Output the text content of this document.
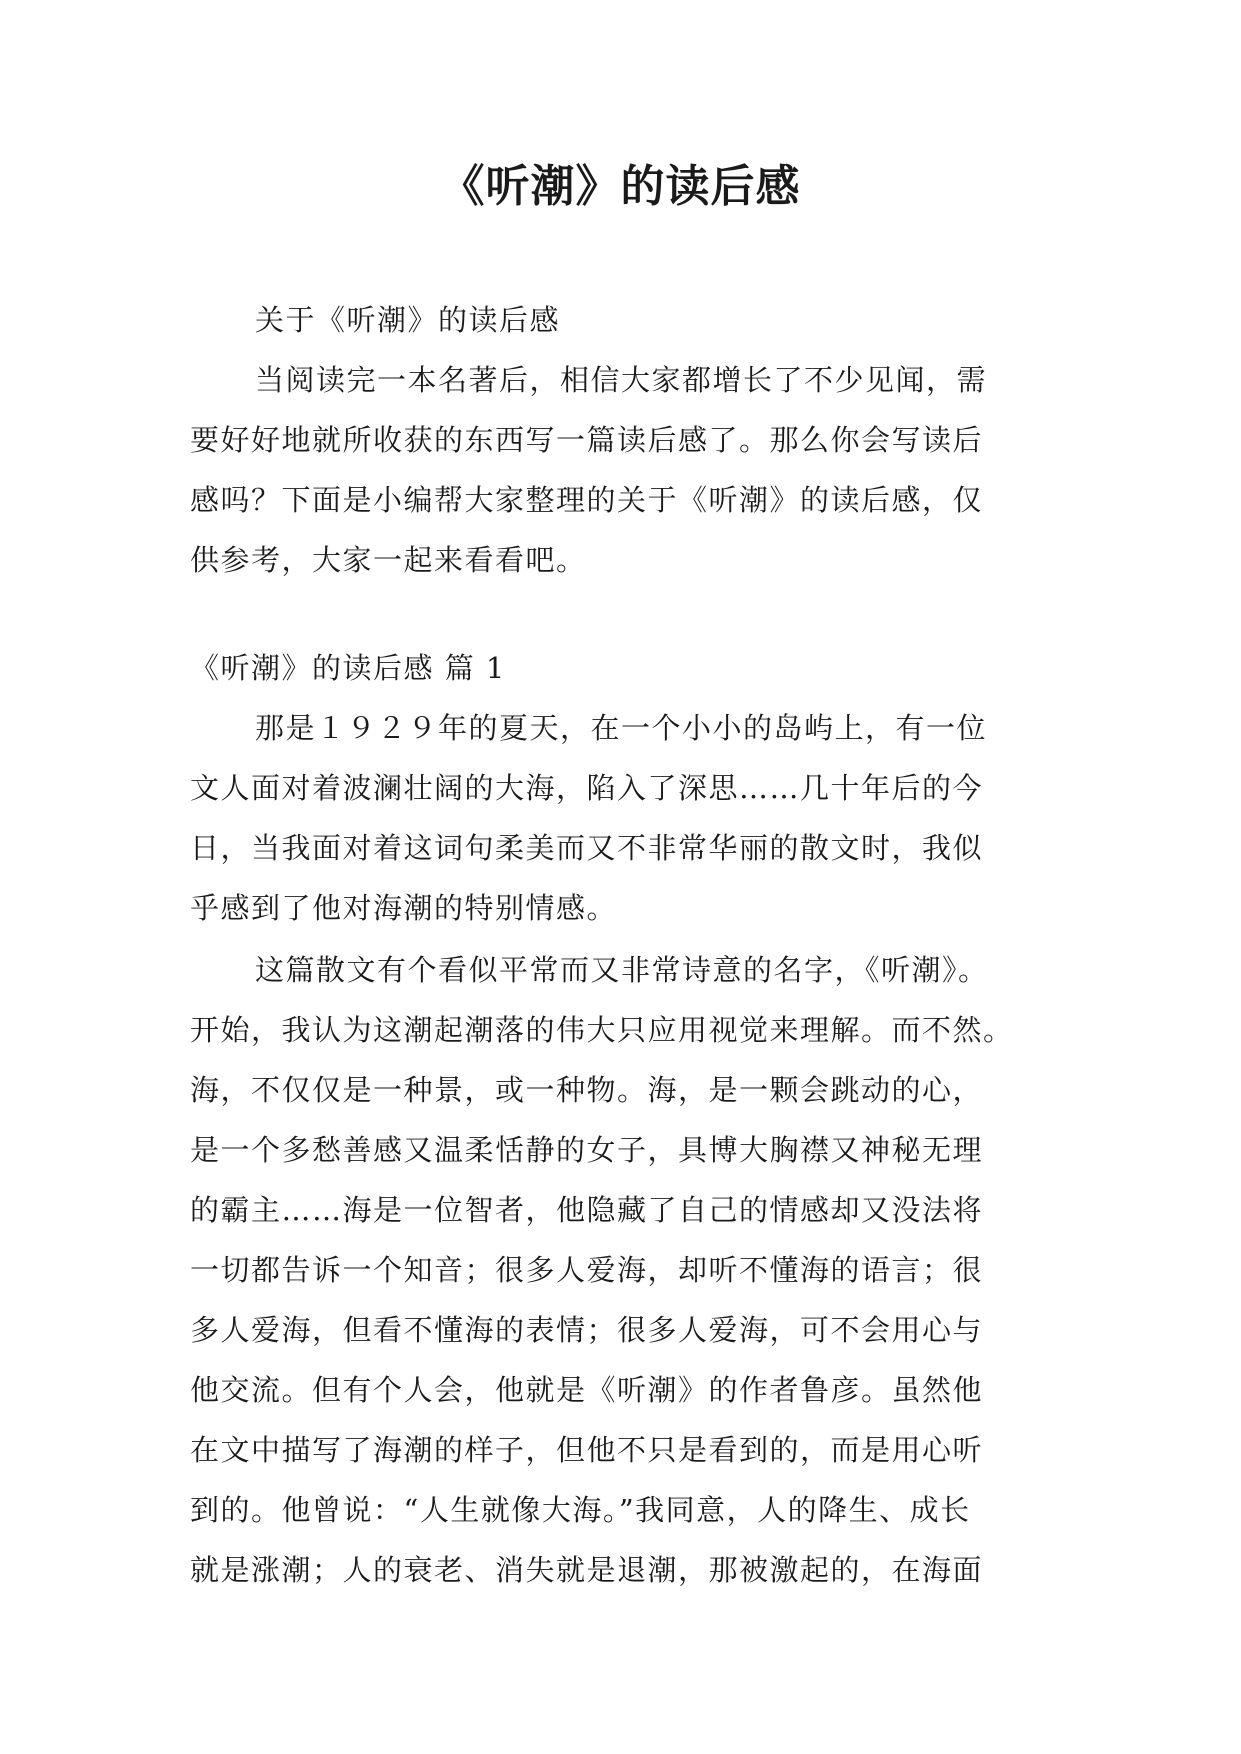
《听潮》的读后感
关于《听潮》的读后感
当阅读完一本名著后，相信大家都增长了不少见闻，需
要好好地就所收获的东西写一篇读后感了。那么你会写读后
感吗？下面是小编帮大家整理的关于《听潮》的读后感，仅
供参考，大家一起来看看吧。
《听潮》的读后感 篇 1
那是１９２９年的夏天，在一个小小的岛屿上，有一位
文人面对着波澜壮阔的大海，陷入了深思……几十年后的今
日，当我面对着这词句柔美而又不非常华丽的散文时，我似
乎感到了他对海潮的特别情感。
这篇散文有个看似平常而又非常诗意的名字，《听潮》。
开始，我认为这潮起潮落的伟大只应用视觉来理解。而不然。
海，不仅仅是一种景，或一种物。海，是一颗会跳动的心，
是一个多愁善感又温柔恬静的女子，具博大胸襟又神秘无理
的霸主……海是一位智者，他隐藏了自己的情感却又没法将
一切都告诉一个知音；很多人爱海，却听不懂海的语言；很
多人爱海，但看不懂海的表情；很多人爱海，可不会用心与
他交流。但有个人会，他就是《听潮》的作者鲁彦。虽然他
在文中描写了海潮的样子，但他不只是看到的，而是用心听
到的。他曾说：“人生就像大海。”我同意，人的降生、成长
就是涨潮；人的衰老、消失就是退潮，那被激起的，在海面
